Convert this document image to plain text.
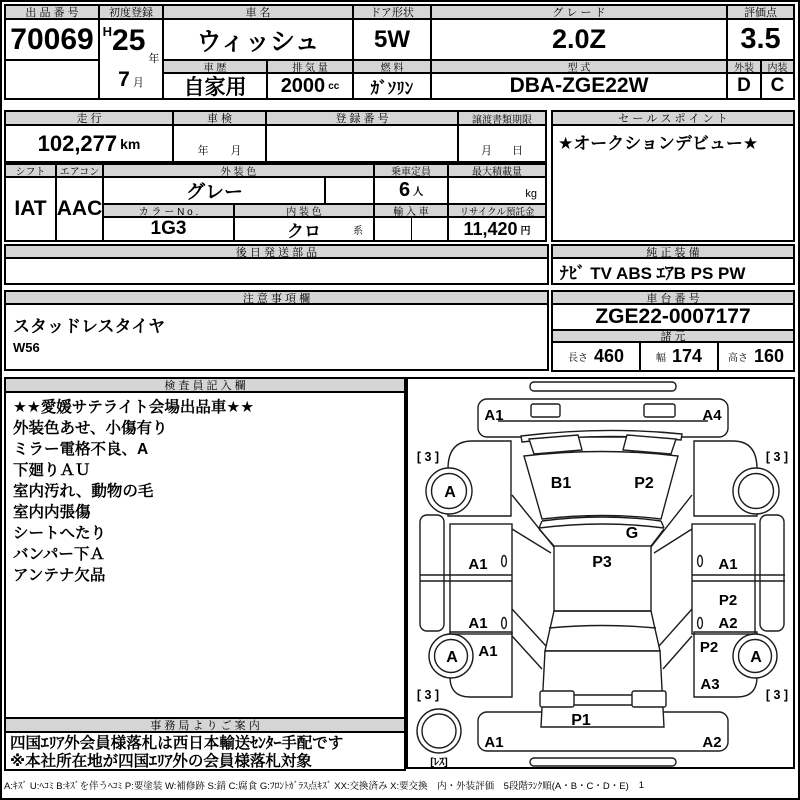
出 品 番 号
70069
初度登録
H 25
年
7 月
車 名
ウィッシュ
車 歴
自家用
排 気 量
2000 cc
ドア形状
5W
燃 料
ｶﾞｿﾘﾝ
グ レ ー ド
2.0Z
型 式
DBA-ZGE22W
評価点
3.5
外装	内装
D	C
走 行
102,277 km
車 検
年 月
登 録 番 号	譲渡書類期限
月 日
セ ー ル ス ポ イ ン ト
★オークションデビュー★
シフト	エアコン
IAT AAC
外 装 色
グレー
カ ラ ー N o .	内 装 色
1G3	クロ	系
乗車定員
6 人
最大積載量
kg
輸 入 車	リサイクル預託金
11,420 円
後 日 発 送 部 品	純 正 装 備
ﾅﾋﾞ TV ABS ｴｱB PS PW
注 意 事 項 欄
スタッドレスタイヤ
W56
車 台 番 号
ZGE22-0007177
諸 元
長さ 460	幅 174	高さ 160
検 査 員 記 入 欄
★★愛媛サテライト会場出品車★★
外装色あせ、小傷有り
ミラー電格不良、A
下廻りＡＵ
室内汚れ、動物の毛
室内内張傷
シートへたり
バンパー下Ａ
アンテナ欠品
事 務 局 よ り ご 案 内
四国ｴﾘｱ外会員様落札は西日本輸送ｾﾝﾀｰ手配です
※本社所在地が四国ｴﾘｱ外の会員様落札対象
A1	A4
[ 3 ]	[ 3 ]
A
B1	P2
G
P3
A1
A1
A1
P2
A2
A1	P2
A3
A	A
[ 3 ]	[ 3 ]
P1
A1	A2
[ﾚｽ]
A:ｷｽﾞ U:ﾍｺﾐ B:ｷｽﾞを伴うﾍｺﾐ P:要塗装 W:補修跡 S:錆 C:腐食 G:ﾌﾛﾝﾄｶﾞﾗｽ点ｷｽﾞ XX:交換済み X:要交換　内・外装評価　5段階ﾗﾝｸ順(A・B・C・D・E) 1
